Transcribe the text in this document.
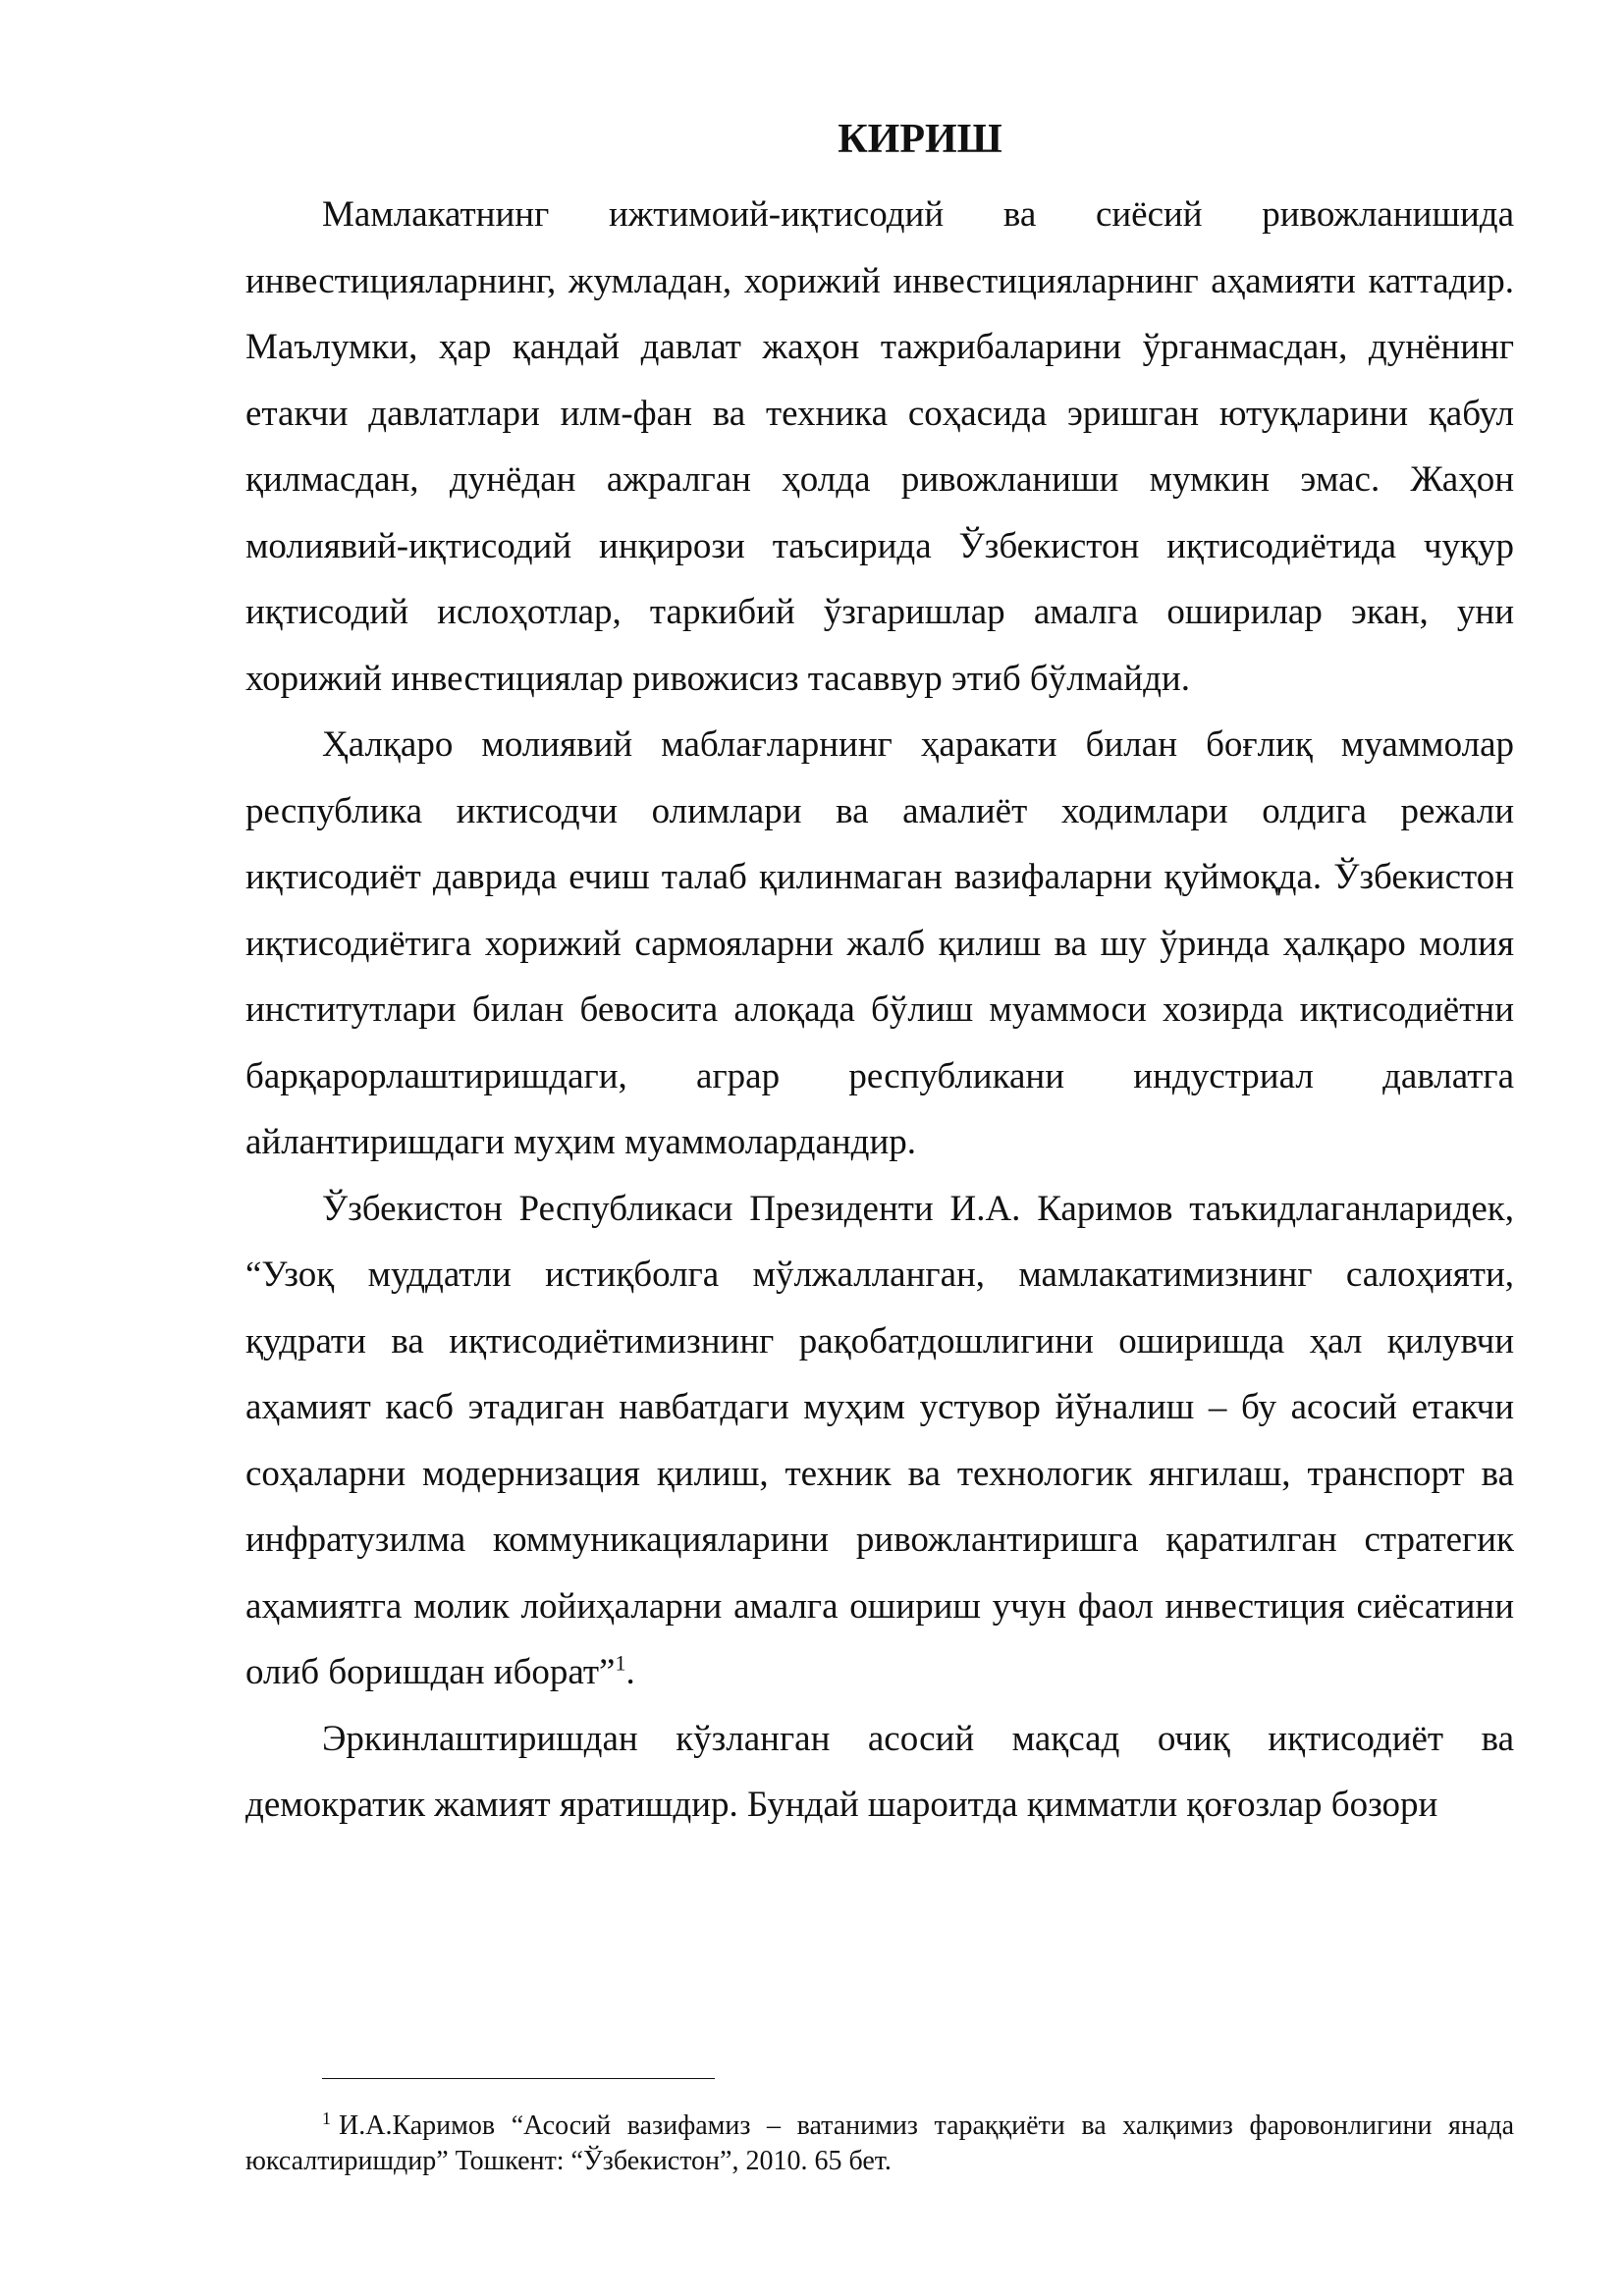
КИРИШ

Мамлакатнинг ижтимоий-иқтисодий ва сиёсий ривожланишида инвестицияларнинг, жумладан, хорижий инвестицияларнинг аҳамияти каттадир. Маълумки, ҳар қандай давлат жаҳон тажрибаларини ўрганмасдан, дунёнинг етакчи давлатлари илм-фан ва техника соҳасида эришган ютуқларини қабул қилмасдан, дунёдан ажралган ҳолда ривожланиши мумкин эмас. Жаҳон молиявий-иқтисодий инқирози таъсирида Ўзбекистон иқтисодиётида чуқур иқтисодий ислоҳотлар, таркибий ўзгаришлар амалга оширилар экан, уни хорижий инвестициялар ривожисиз тасаввур этиб бўлмайди.

Ҳалқаро молиявий маблағларнинг ҳаракати билан боғлиқ муаммолар республика иктисодчи олимлари ва амалиёт ходимлари олдига режали иқтисодиёт даврида ечиш талаб қилинмаган вазифаларни қуймоқда. Ўзбекистон иқтисодиётига хорижий сармояларни жалб қилиш ва шу ўринда ҳалқаро молия институтлари билан бевосита алоқада бўлиш муаммоси хозирда иқтисодиётни барқарорлаштиришдаги, аграр республикани индустриал давлатга айлантиришдаги муҳим муаммолардандир.

Ўзбекистон Республикаси Президенти И.А. Каримов таъкидлаганларидек, “Узоқ муддатли истиқболга мўлжалланган, мамлакатимизнинг салоҳияти, қудрати ва иқтисодиётимизнинг рақобатдошлигини оширишда ҳал қилувчи аҳамият касб этадиган навбатдаги муҳим устувор йўналиш – бу асосий етакчи соҳаларни модернизация қилиш, техник ва технологик янгилаш, транспорт ва инфратузилма коммуникацияларини ривожлантиришга қаратилган стратегик аҳамиятга молик лойиҳаларни амалга ошириш учун фаол инвестиция сиёсатини олиб боришдан иборат”$^1$.

Эркинлаштиришдан кўзланган асосий мақсад очиқ иқтисодиёт ва демократик жамият яратишдир. Бундай шароитда қимматли қоғозлар бозори

$^1$ И.А.Каримов “Асосий вазифамиз – ватанимиз тараққиёти ва халқимиз фаровонлигини янада юксалтиришдир” Тошкент: “Ўзбекистон”, 2010. 65 бет.
